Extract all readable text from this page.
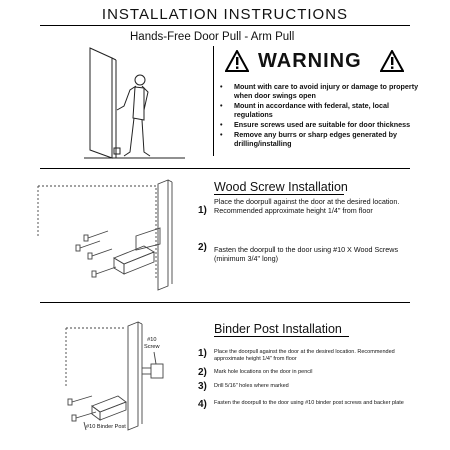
INSTALLATION INSTRUCTIONS
Hands-Free Door Pull - Arm Pull
WARNING
• Mount with care to avoid injury or damage to property when door swings open
• Mount in accordance with federal, state, local regulations
• Ensure screws used are suitable for door thickness
• Remove any burrs or sharp edges generated by drilling/installing
Wood Screw Installation
1)
Place the doorpull against the door at the desired location. Recommended approximate height 1/4" from floor
2) Fasten the doorpull to the door using #10 X Wood Screws (minimum 3/4" long)
#10
Screw
#10 Binder Post
Binder Post Installation
1) Place the doorpull against the door at the desired location. Recommended approximate height 1/4" from floor
2) Mark hole locations on the door in pencil
3) Drill 5/16" holes where marked
4) Fasten the doorpull to the door using #10 binder post screws and backer plate
